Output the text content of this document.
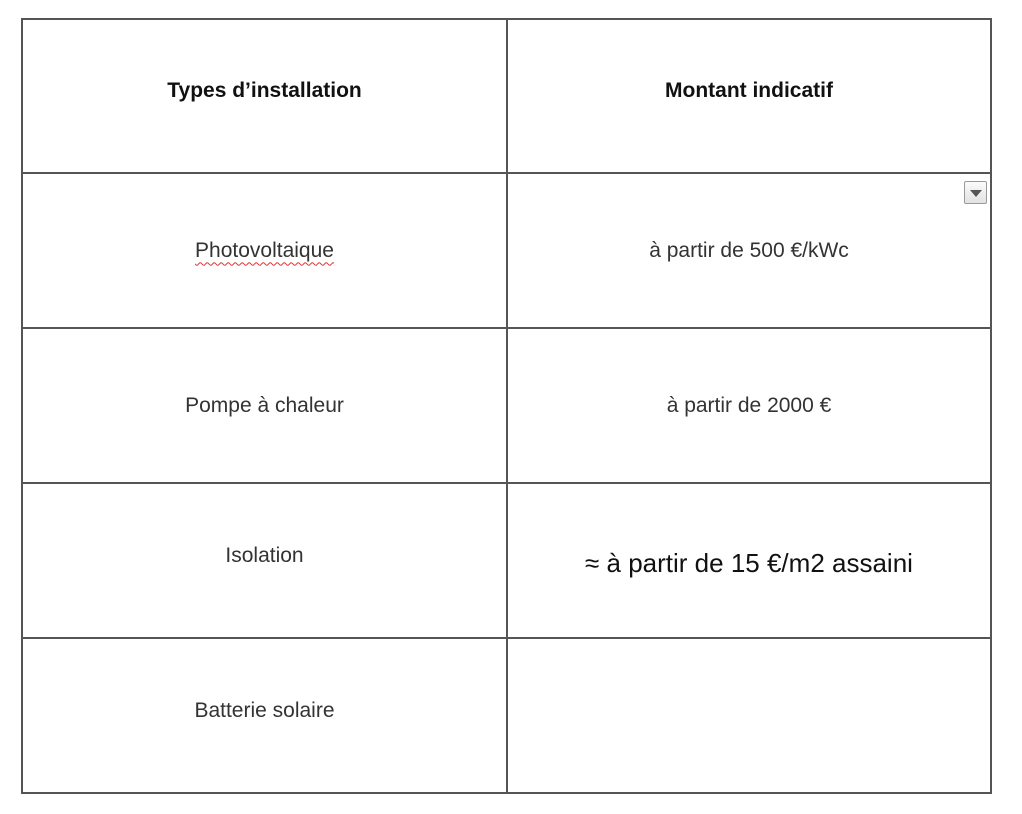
Types d’installation	Montant indicatif
Photovoltaique	à partir de 500 €/kWc
Pompe à chaleur	à partir de 2000 €
Isolation	≈ à partir de 15 €/m2 assaini
Batterie solaire	
